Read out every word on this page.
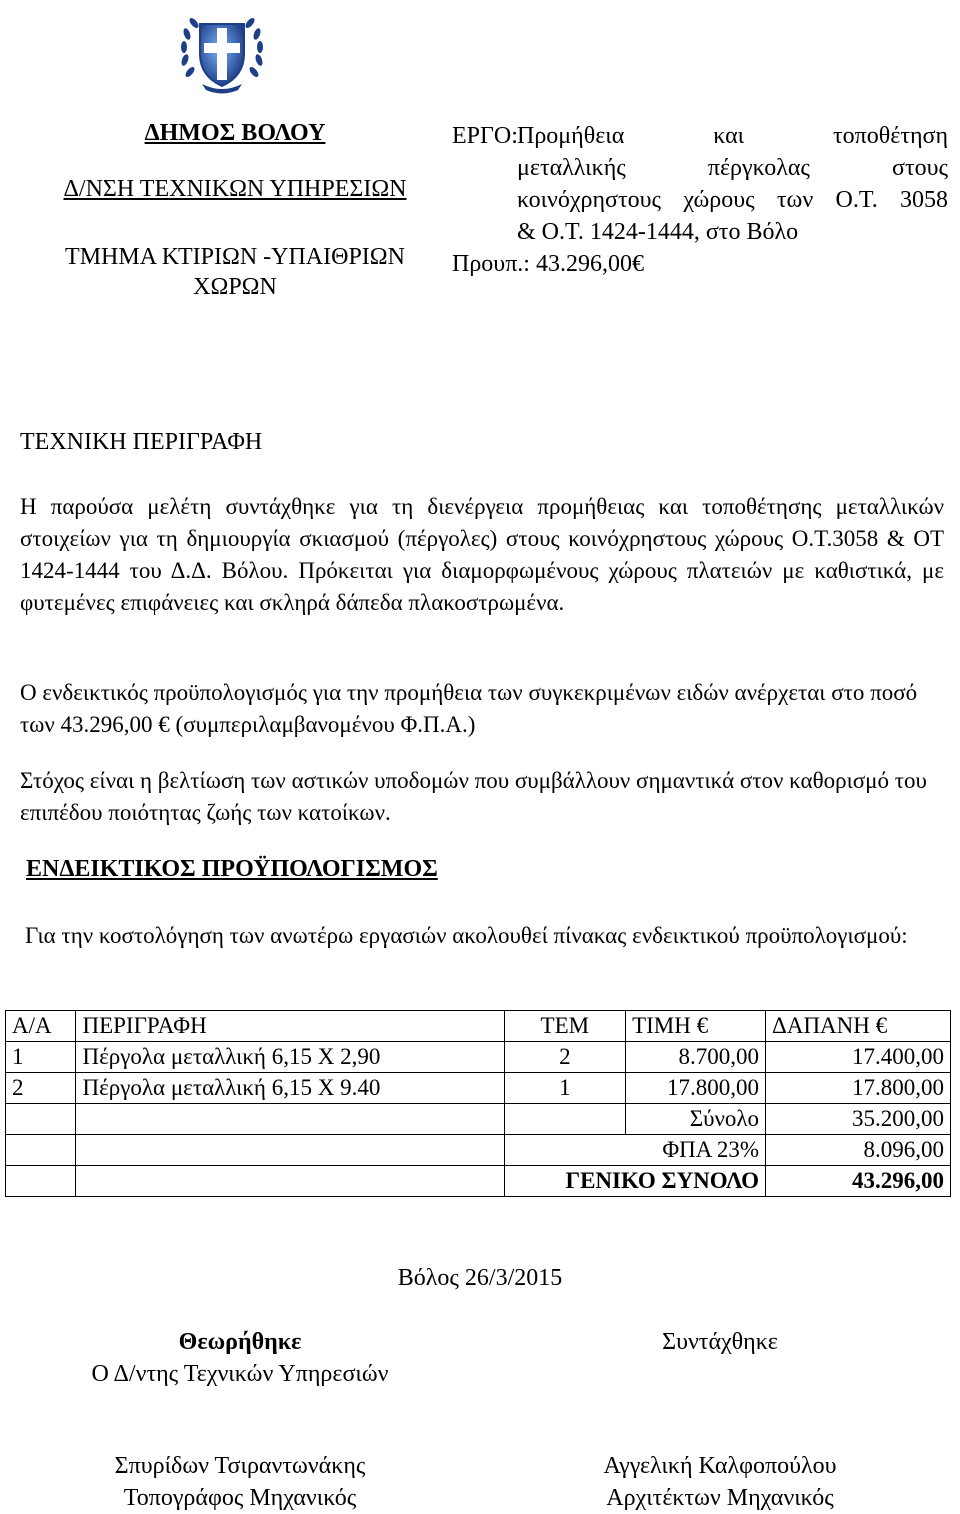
ΔΗΜΟΣ ΒΟΛΟΥ
Δ/ΝΣΗ ΤΕΧΝΙΚΩΝ ΥΠΗΡΕΣΙΩΝ
ΤΜΗΜΑ ΚΤΙΡΙΩΝ -ΥΠΑΙΘΡΙΩΝ
ΧΩΡΩΝ
ΕΡΓΟ: Προμήθεια και τοποθέτηση
μεταλλικής πέργκολας στους
κοινόχρηστους χώρους των Ο.Τ. 3058
& Ο.Τ. 1424-1444, στο Βόλο
Προυπ.: 43.296,00€
ΤΕΧΝΙΚΗ ΠΕΡΙΓΡΑΦΗ
Η παρούσα μελέτη συντάχθηκε για τη διενέργεια προμήθειας και τοποθέτησης μεταλλικών στοιχείων για τη δημιουργία σκιασμού (πέργολες) στους κοινόχρηστους χώρους Ο.Τ.3058 & ΟΤ 1424-1444 του Δ.Δ. Βόλου. Πρόκειται για διαμορφωμένους χώρους πλατειών με καθιστικά, με φυτεμένες επιφάνειες και σκληρά δάπεδα πλακοστρωμένα.
Ο ενδεικτικός προϋπολογισμός για την προμήθεια των συγκεκριμένων ειδών ανέρχεται στο ποσό των 43.296,00 € (συμπεριλαμβανομένου Φ.Π.Α.)
Στόχος είναι η βελτίωση των αστικών υποδομών που συμβάλλουν σημαντικά στον καθορισμό του επιπέδου ποιότητας ζωής των κατοίκων.
ΕΝΔΕΙΚΤΙΚΟΣ ΠΡΟΫΠΟΛΟΓΙΣΜΟΣ
Για την κοστολόγηση των ανωτέρω εργασιών ακολουθεί πίνακας ενδεικτικού προϋπολογισμού:
Α/Α	ΠΕΡΙΓΡΑΦΗ	ΤΕΜ	ΤΙΜΗ €	ΔΑΠΑΝΗ €
1	Πέργολα μεταλλική 6,15 Χ 2,90	2	8.700,00	17.400,00
2	Πέργολα μεταλλική 6,15 Χ 9.40	1	17.800,00	17.800,00
			Σύνολο	35.200,00
			ΦΠΑ 23%	8.096,00
		ΓΕΝΙΚΟ ΣΥΝΟΛΟ		43.296,00
Βόλος 26/3/2015
Θεωρήθηκε
Ο Δ/ντης Τεχνικών Υπηρεσιών
Σπυρίδων Τσιραντωνάκης
Τοπογράφος Μηχανικός
Συντάχθηκε
Αγγελική Καλφοπούλου
Αρχιτέκτων Μηχανικός
